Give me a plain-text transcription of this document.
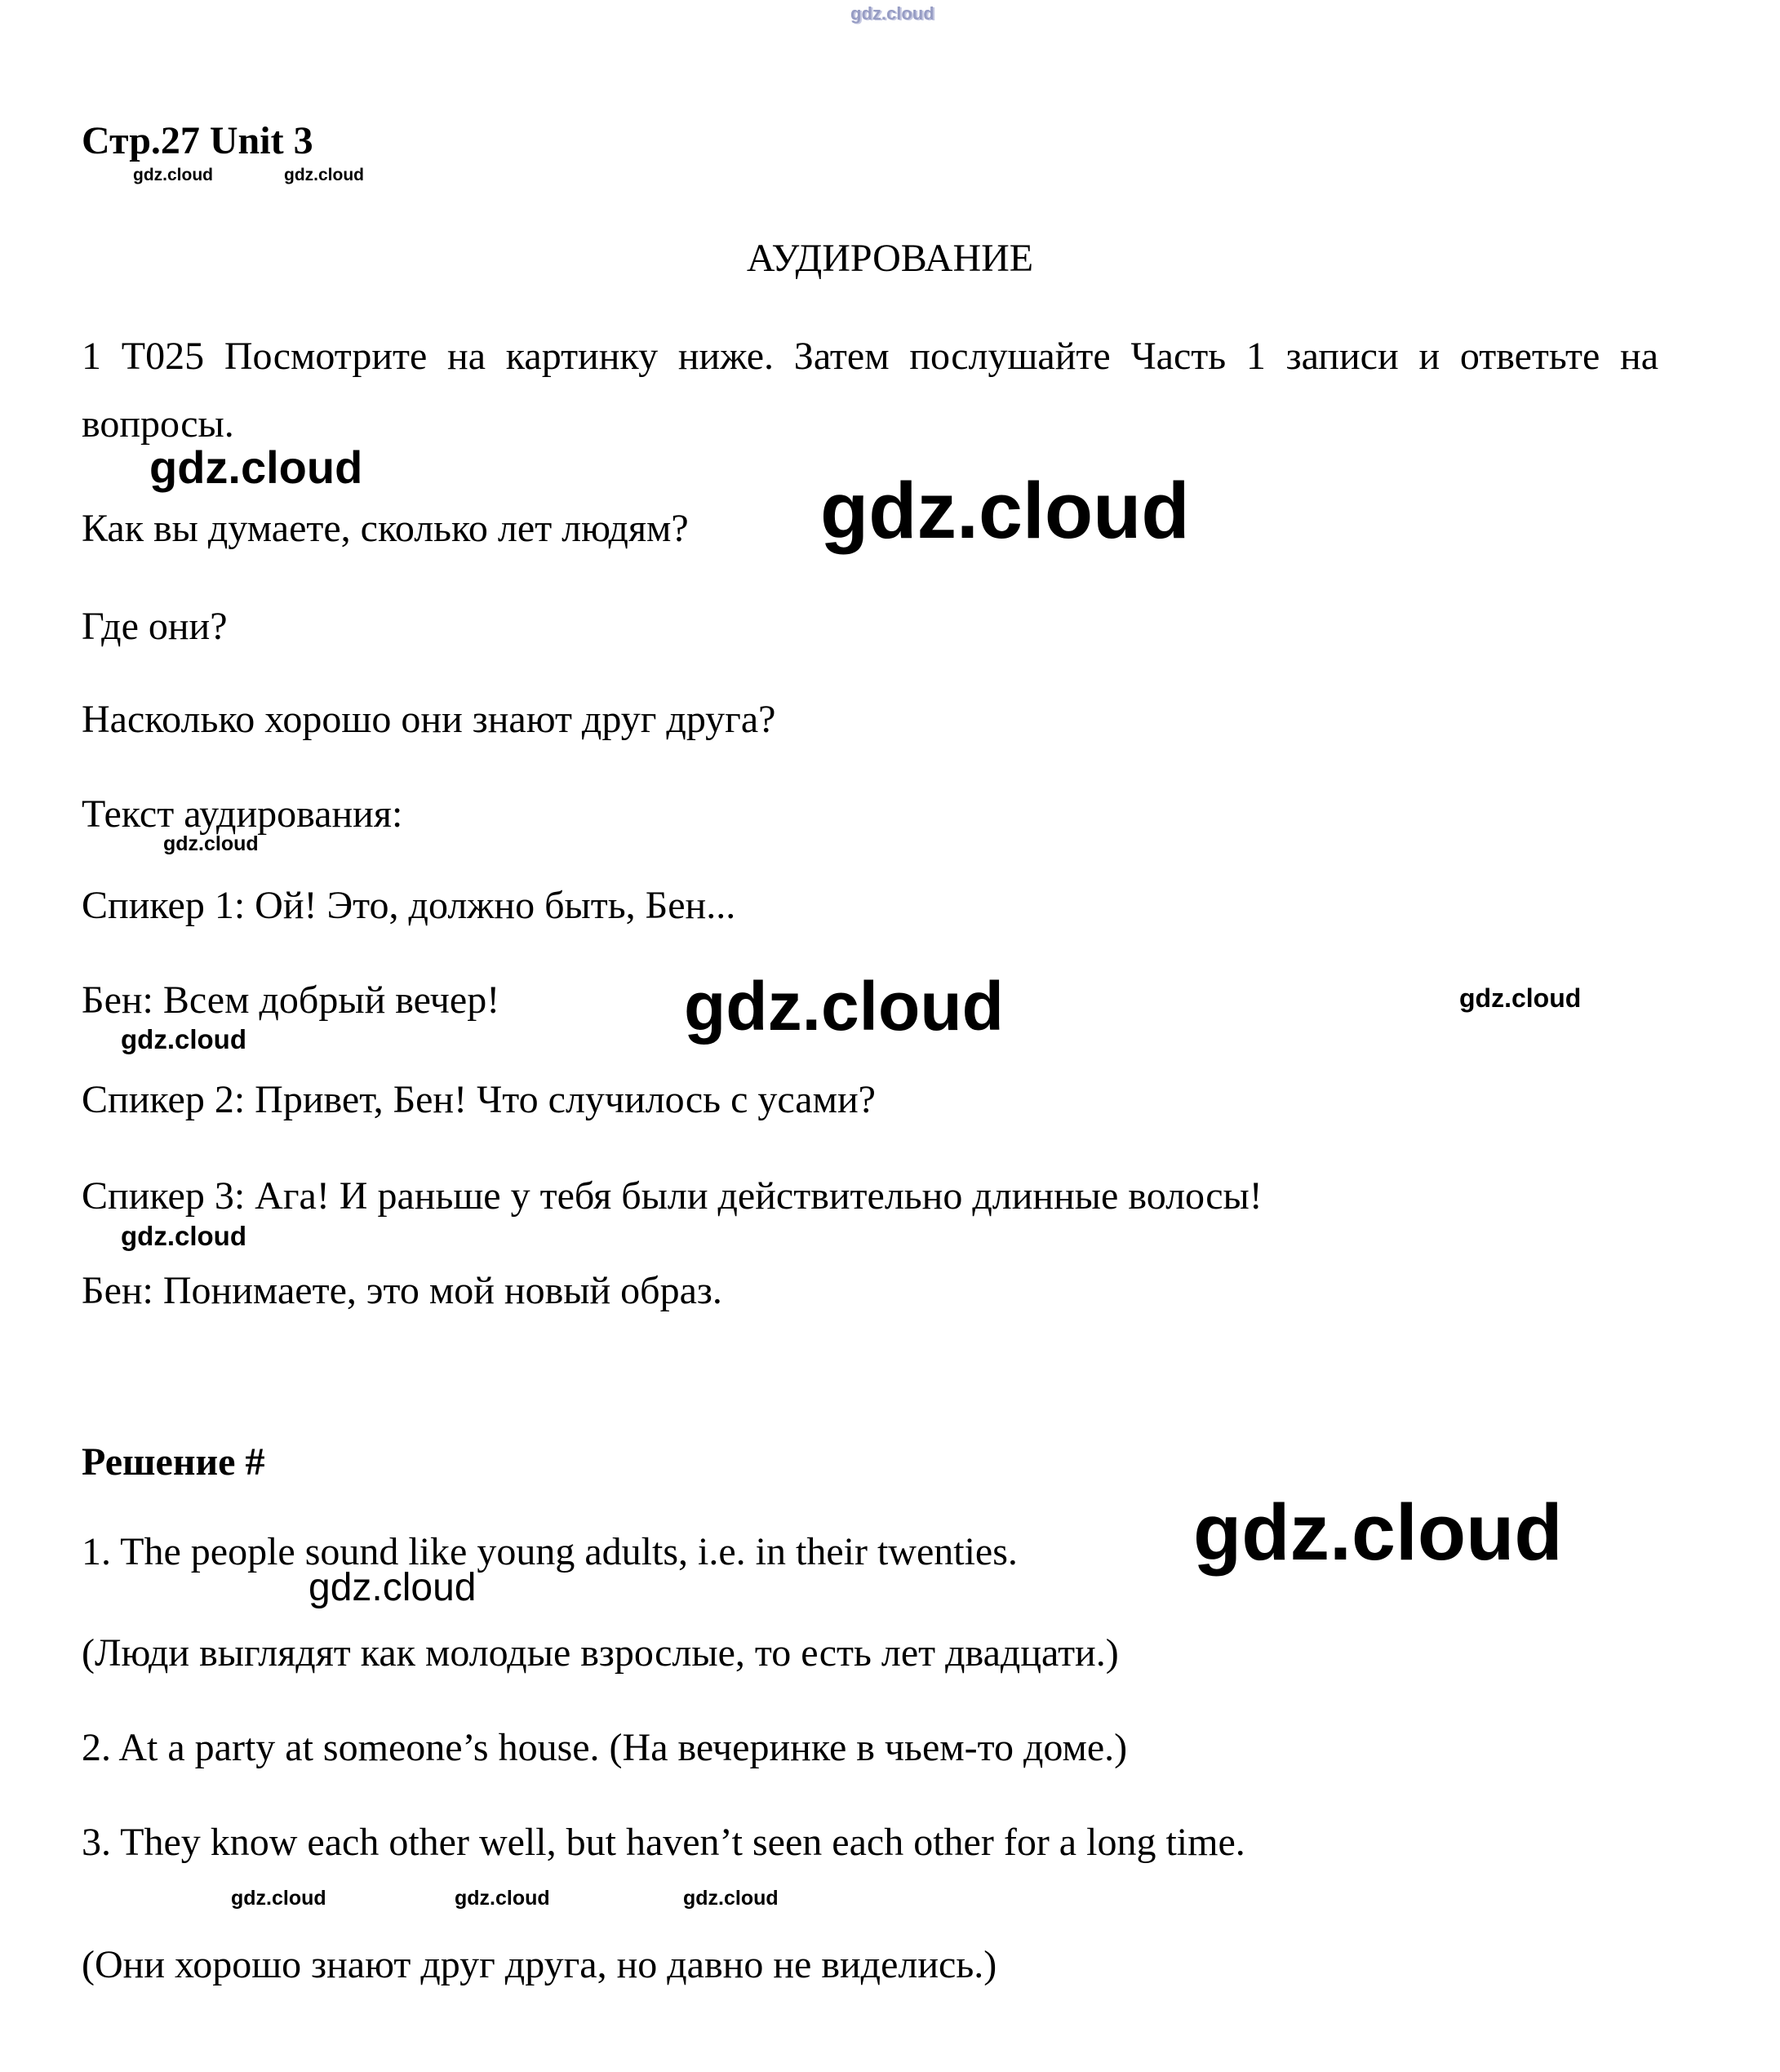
gdz.cloud
Стр.27 Unit 3
gdz.cloud	gdz.cloud
АУДИРОВАНИЕ
1 Т025 Посмотрите на картинку ниже. Затем послушайте Часть 1 записи и ответьте на вопросы.
gdz.cloud
Как вы думаете, сколько лет людям? gdz.cloud
Где они?
Насколько хорошо они знают друг друга?
Текст аудирования:
gdz.cloud
Спикер 1: Ой! Это, должно быть, Бен...
Бен: Всем добрый вечер!	gdz.cloud	gdz.cloud
gdz.cloud
Спикер 2: Привет, Бен! Что случилось с усами?
Спикер 3: Ага! И раньше у тебя были действительно длинные волосы!
gdz.cloud
Бен: Понимаете, это мой новый образ.
Решение #
1. The people sound like young adults, i.e. in their twenties. gdz.cloud
gdz.cloud
(Люди выглядят как молодые взрослые, то есть лет двадцати.)
2. At a party at someone’s house. (На вечеринке в чьем-то доме.)
3. They know each other well, but haven’t seen each other for a long time.
gdz.cloud	gdz.cloud	gdz.cloud
(Они хорошо знают друг друга, но давно не виделись.)
